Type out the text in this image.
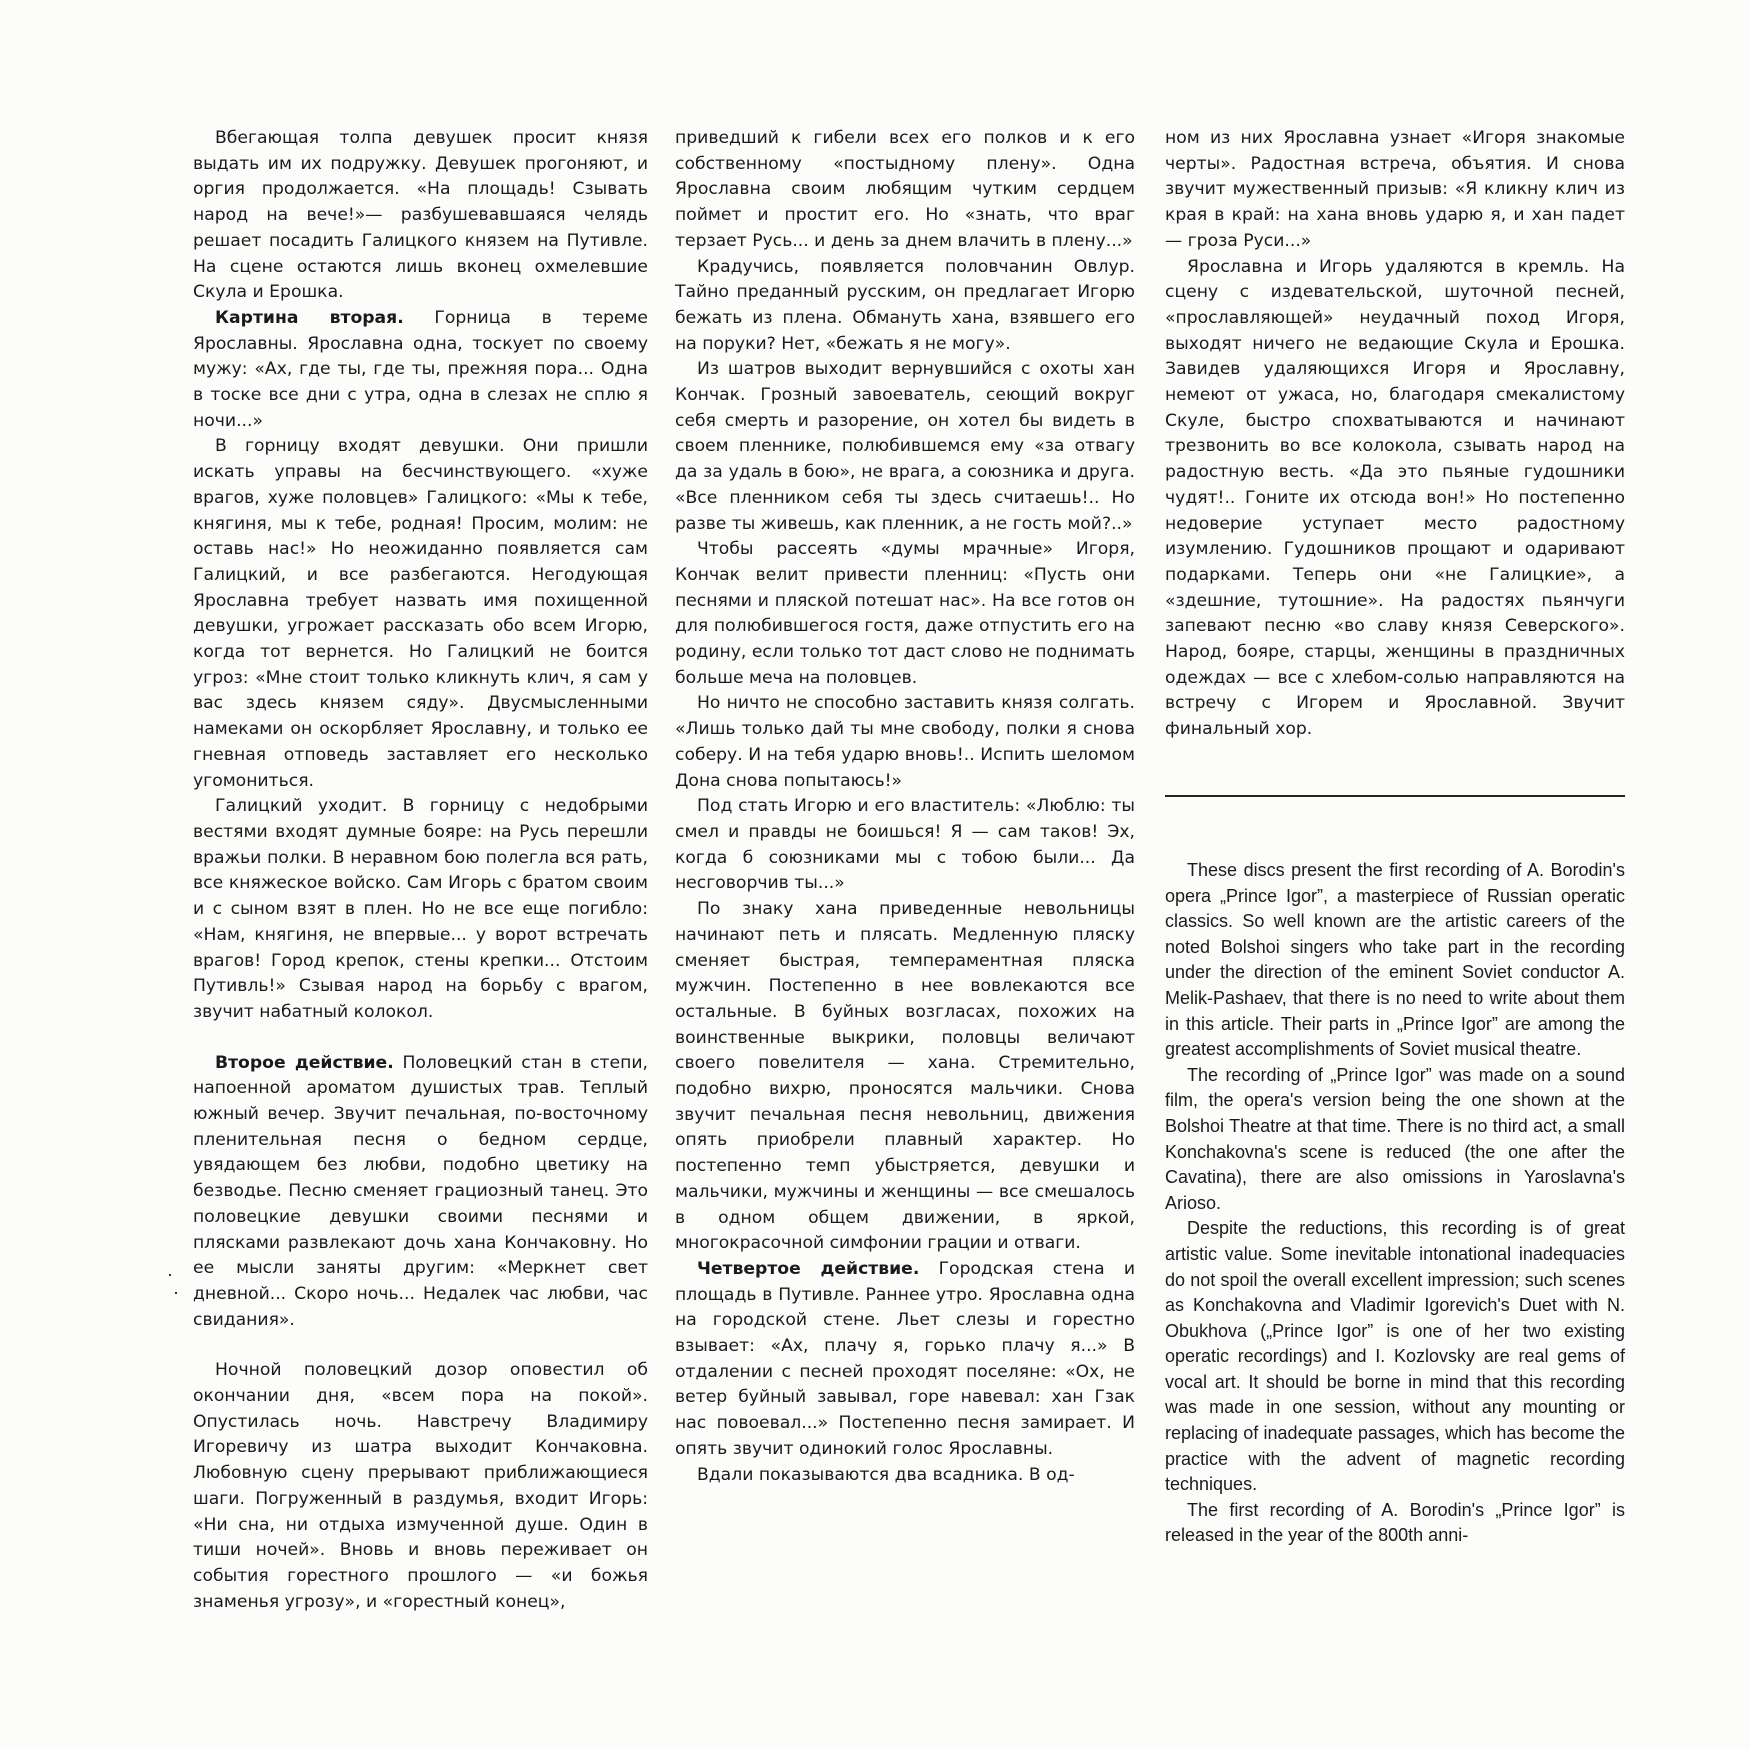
Вбегающая толпа девушек просит князя выдать им их подружку. Девушек прогоняют, и оргия продолжается. «На площадь! Сзывать народ на вече!»— разбушевавшаяся челядь решает посадить Галицкого князем на Путивле. На сцене остаются лишь вконец охмелевшие Скула и Ерошка.

Картина вторая. Горница в тереме Ярославны. Ярославна одна, тоскует по своему мужу: «Ах, где ты, где ты, прежняя пора... Одна в тоске все дни с утра, одна в слезах не сплю я ночи...»

В горницу входят девушки. Они пришли искать управы на бесчинствующего. «хуже врагов, хуже половцев» Галицкого: «Мы к тебе, княгиня, мы к тебе, родная! Просим, молим: не оставь нас!» Но неожиданно появляется сам Галицкий, и все разбегаются. Негодующая Ярославна требует назвать имя похищенной девушки, угрожает рассказать обо всем Игорю, когда тот вернется. Но Галицкий не боится угроз: «Мне стоит только кликнуть клич, я сам у вас здесь князем сяду». Двусмысленными намеками он оскорбляет Ярославну, и только ее гневная отповедь заставляет его несколько угомониться.

Галицкий уходит. В горницу с недобрыми вестями входят думные бояре: на Русь перешли вражьи полки. В неравном бою полегла вся рать, все княжеское войско. Сам Игорь с братом своим и с сыном взят в плен. Но не все еще погибло: «Нам, княгиня, не впервые... у ворот встречать врагов! Город крепок, стены крепки... Отстоим Путивль!» Сзывая народ на борьбу с врагом, звучит набатный колокол.

Второе действие. Половецкий стан в степи, напоенной ароматом душистых трав. Теплый южный вечер. Звучит печальная, по-восточному пленительная песня о бедном сердце, увядающем без любви, подобно цветику на безводье. Песню сменяет грациозный танец. Это половецкие девушки своими песнями и плясками развлекают дочь хана Кончаковну. Но ее мысли заняты другим: «Меркнет свет дневной... Скоро ночь... Недалек час любви, час свидания».

Ночной половецкий дозор оповестил об окончании дня, «всем пора на покой». Опустилась ночь. Навстречу Владимиру Игоревичу из шатра выходит Кончаковна. Любовную сцену прерывают приближающиеся шаги. Погруженный в раздумья, входит Игорь: «Ни сна, ни отдыха измученной душе. Один в тиши ночей». Вновь и вновь переживает он события горестного прошлого — «и божья знаменья угрозу», и «горестный конец»,

приведший к гибели всех его полков и к его собственному «постыдному плену». Одна Ярославна своим любящим чутким сердцем поймет и простит его. Но «знать, что враг терзает Русь... и день за днем влачить в плену...»

Крадучись, появляется половчанин Овлур. Тайно преданный русским, он предлагает Игорю бежать из плена. Обмануть хана, взявшего его на поруки? Нет, «бежать я не могу».

Из шатров выходит вернувшийся с охоты хан Кончак. Грозный завоеватель, сеющий вокруг себя смерть и разорение, он хотел бы видеть в своем пленнике, полюбившемся ему «за отвагу да за удаль в бою», не врага, а союзника и друга. «Все пленником себя ты здесь считаешь!.. Но разве ты живешь, как пленник, а не гость мой?..»

Чтобы рассеять «думы мрачные» Игоря, Кончак велит привести пленниц: «Пусть они песнями и пляской потешат нас». На все готов он для полюбившегося гостя, даже отпустить его на родину, если только тот даст слово не поднимать больше меча на половцев.

Но ничто не способно заставить князя солгать. «Лишь только дай ты мне свободу, полки я снова соберу. И на тебя ударю вновь!.. Испить шеломом Дона снова попытаюсь!»

Под стать Игорю и его властитель: «Люблю: ты смел и правды не боишься! Я — сам таков! Эх, когда б союзниками мы с тобою были... Да несговорчив ты...»

По знаку хана приведенные невольницы начинают петь и плясать. Медленную пляску сменяет быстрая, темпераментная пляска мужчин. Постепенно в нее вовлекаются все остальные. В буйных возгласах, похожих на воинственные выкрики, половцы величают своего повелителя — хана. Стремительно, подобно вихрю, проносятся мальчики. Снова звучит печальная песня невольниц, движения опять приобрели плавный характер. Но постепенно темп убыстряется, девушки и мальчики, мужчины и женщины — все смешалось в одном общем движении, в яркой, многокрасочной симфонии грации и отваги.

Четвертое действие. Городская стена и площадь в Путивле. Раннее утро. Ярославна одна на городской стене. Льет слезы и горестно взывает: «Ах, плачу я, горько плачу я...» В отдалении с песней проходят поселяне: «Ох, не ветер буйный завывал, горе навевал: хан Гзак нас повоевал...» Постепенно песня замирает. И опять звучит одинокий голос Ярославны.

Вдали показываются два всадника. В од-

ном из них Ярославна узнает «Игоря знакомые черты». Радостная встреча, объятия. И снова звучит мужественный призыв: «Я кликну клич из края в край: на хана вновь ударю я, и хан падет — гроза Руси...»

Ярославна и Игорь удаляются в кремль. На сцену с издевательской, шуточной песней, «прославляющей» неудачный поход Игоря, выходят ничего не ведающие Скула и Ерошка. Завидев удаляющихся Игоря и Ярославну, немеют от ужаса, но, благодаря смекалистому Скуле, быстро спохватываются и начинают трезвонить во все колокола, сзывать народ на радостную весть. «Да это пьяные гудошники чудят!.. Гоните их отсюда вон!» Но постепенно недоверие уступает место радостному изумлению. Гудошников прощают и одаривают подарками. Теперь они «не Галицкие», а «здешние, тутошние». На радостях пьянчуги запевают песню «во славу князя Северского». Народ, бояре, старцы, женщины в праздничных одеждах — все с хлебом-солью направляются на встречу с Игорем и Ярославной. Звучит финальный хор.

These discs present the first recording of A. Borodin's opera „Prince Igor”, a masterpiece of Russian operatic classics. So well known are the artistic careers of the noted Bolshoi singers who take part in the recording under the direction of the eminent Soviet conductor A. Melik-Pashaev, that there is no need to write about them in this article. Their parts in „Prince Igor” are among the greatest accomplishments of Soviet musical theatre.

The recording of „Prince Igor” was made on a sound film, the opera's version being the one shown at the Bolshoi Theatre at that time. There is no third act, a small Konchakovna's scene is reduced (the one after the Cavatina), there are also omissions in Yaroslavna's Arioso.

Despite the reductions, this recording is of great artistic value. Some inevitable intonational inadequacies do not spoil the overall excellent impression; such scenes as Konchakovna and Vladimir Igorevich's Duet with N. Obukhova („Prince Igor” is one of her two existing operatic recordings) and I. Kozlovsky are real gems of vocal art. It should be borne in mind that this recording was made in one session, without any mounting or replacing of inadequate passages, which has become the practice with the advent of magnetic recording techniques.

The first recording of A. Borodin's „Prince Igor” is released in the year of the 800th anni-
